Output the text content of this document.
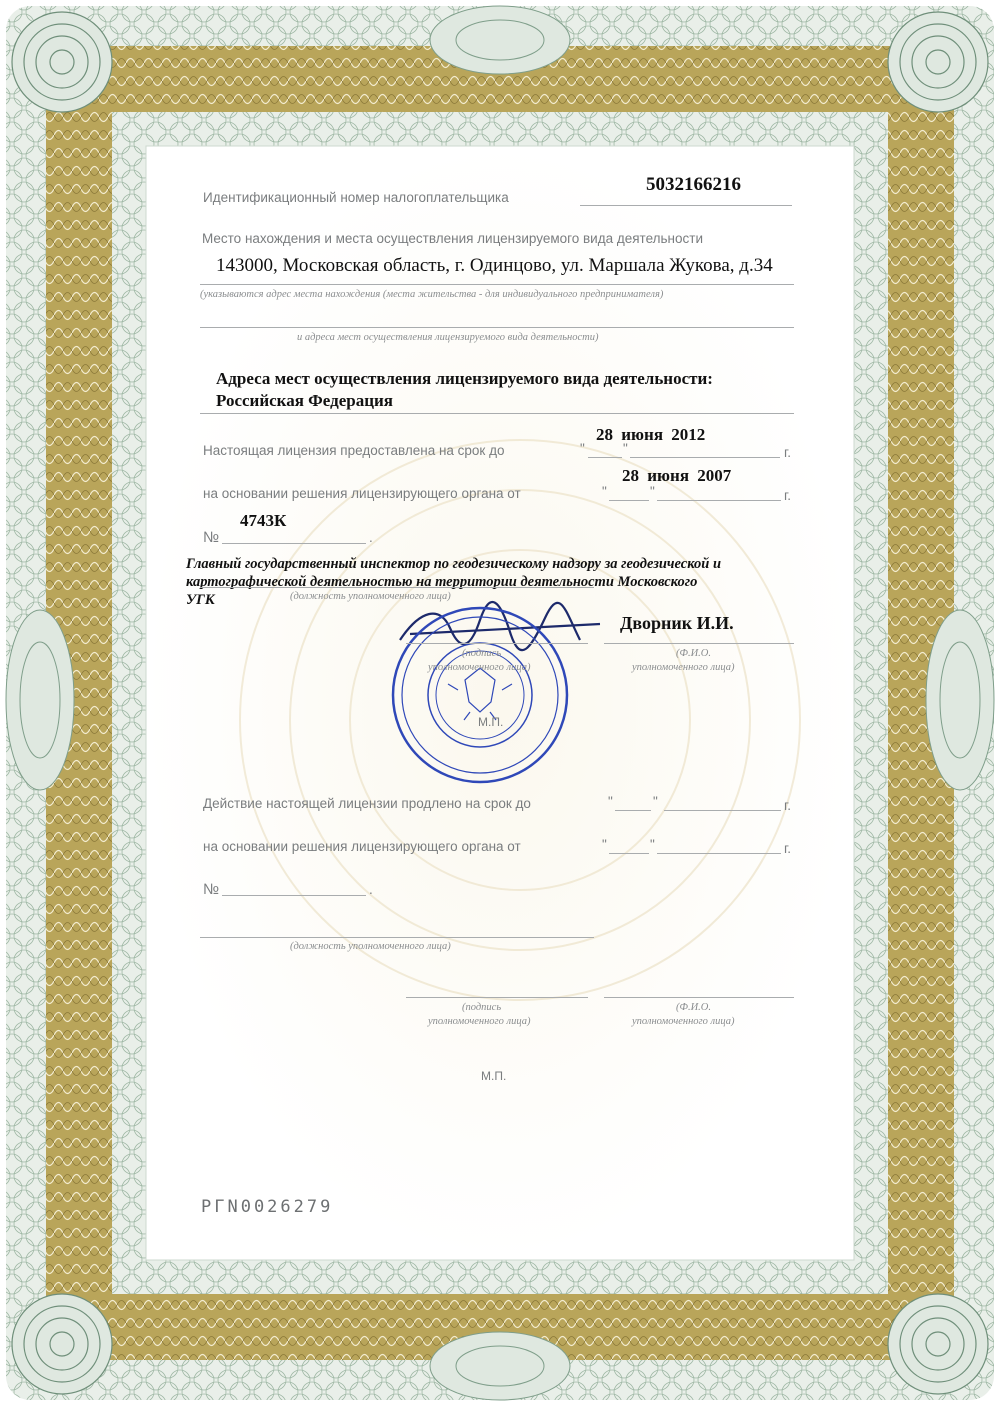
Идентификационный номер налогоплательщика
5032166216
Место нахождения и места осуществления лицензируемого вида деятельности
143000, Московская область, г. Одинцово, ул. Маршала Жукова, д.34
(указываются адрес места нахождения (места жительства - для индивидуального предпринимателя)
и адреса мест осуществления лицензируемого вида деятельности)
Адреса мест осуществления лицензируемого вида деятельности:
Российская Федерация
Настоящая лицензия предоставлена на срок до	"	"	г.
28 июня 2012
на основании решения лицензирующего органа от	"	"	г.
28 июня 2007
№	.
4743К
Главный государственный инспектор по геодезическому надзору за геодезической и
картографической деятельностью на территории деятельности Московского
УГК	(должность уполномоченного лица)
Дворник И.И.
(подпись
уполномоченного лица)
(Ф.И.О.
уполномоченного лица)
М.П.
Действие настоящей лицензии продлено на срок до	"	"	г.
на основании решения лицензирующего органа от	"	"	г.
№	.
(должность уполномоченного лица)
(подпись
уполномоченного лица)
(Ф.И.О.
уполномоченного лица)
М.П.
РГN0026279
